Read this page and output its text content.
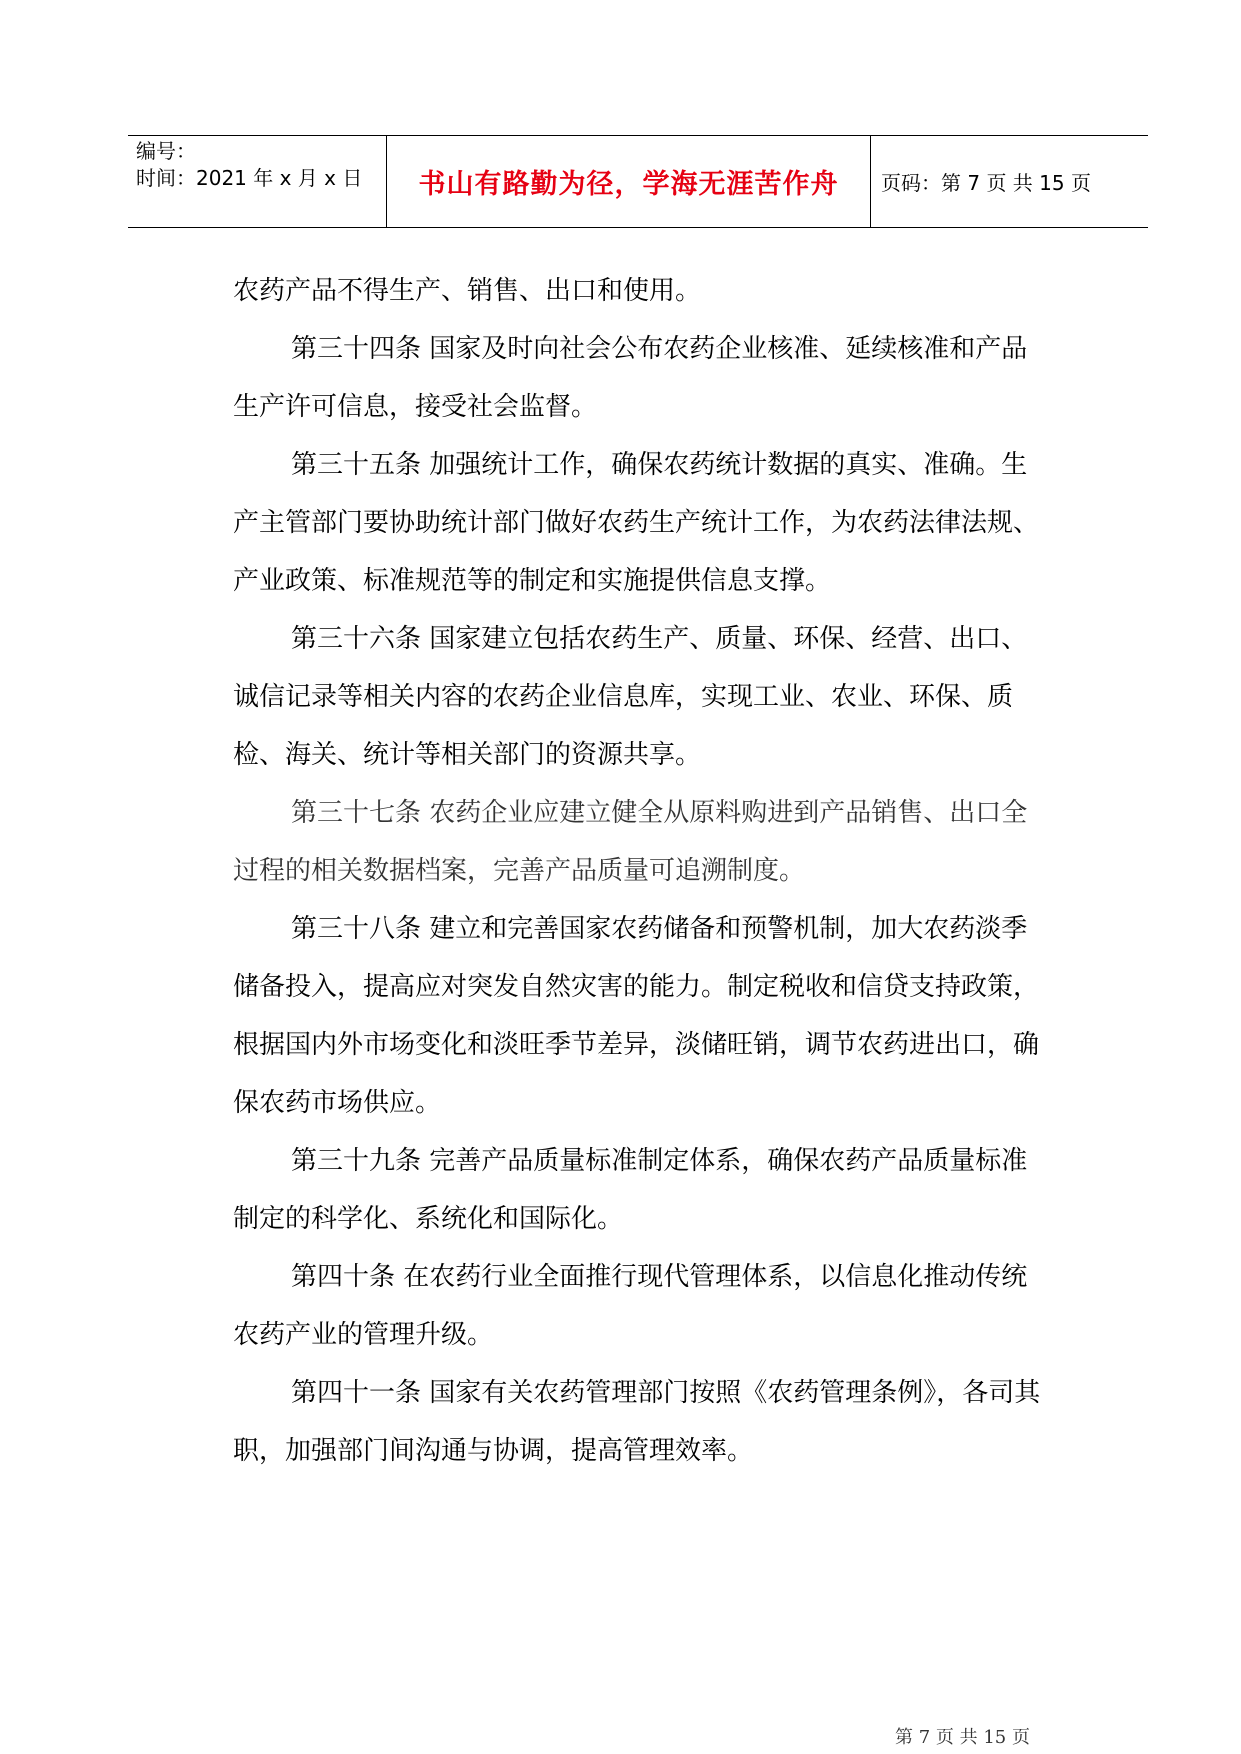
编号：
时间：2021 年 x 月 x 日	书山有路勤为径，学海无涯苦作舟 页码：第 7 页 共 15 页

农药产品不得生产、销售、出口和使用。

第三十四条 国家及时向社会公布农药企业核准、延续核准和产品生产许可信息，接受社会监督。

第三十五条 加强统计工作，确保农药统计数据的真实、准确。生产主管部门要协助统计部门做好农药生产统计工作，为农药法律法规、产业政策、标准规范等的制定和实施提供信息支撑。

第三十六条 国家建立包括农药生产、质量、环保、经营、出口、诚信记录等相关内容的农药企业信息库，实现工业、农业、环保、质检、海关、统计等相关部门的资源共享。

第三十七条 农药企业应建立健全从原料购进到产品销售、出口全过程的相关数据档案，完善产品质量可追溯制度。

第三十八条 建立和完善国家农药储备和预警机制，加大农药淡季储备投入，提高应对突发自然灾害的能力。制定税收和信贷支持政策，根据国内外市场变化和淡旺季节差异，淡储旺销，调节农药进出口，确保农药市场供应。

第三十九条 完善产品质量标准制定体系，确保农药产品质量标准制定的科学化、系统化和国际化。

第四十条 在农药行业全面推行现代管理体系，以信息化推动传统农药产业的管理升级。

第四十一条 国家有关农药管理部门按照《农药管理条例》，各司其职，加强部门间沟通与协调，提高管理效率。

第 7 页 共 15 页
